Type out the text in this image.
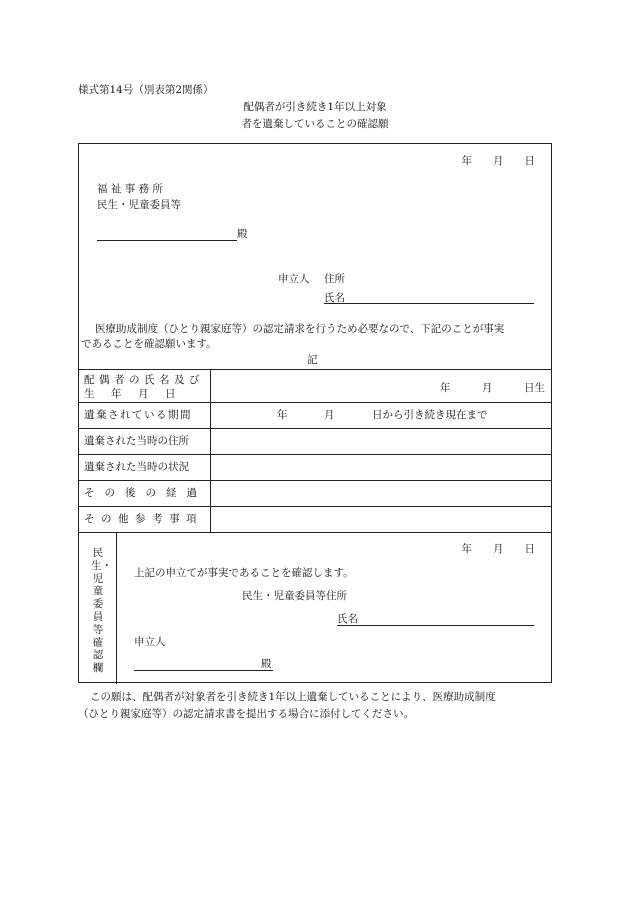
様式第14号（別表第2関係）
配偶者が引き続き1年以上対象
者を遺棄していることの確認願
年　　月　　日
福 祉 事 務 所
民生・児童委員等
殿
申立人 住所
氏名
医療助成制度（ひとり親家庭等）の認定請求を行うため必要なので、下記のことが事実
であることを確認願います。
記
配偶者の氏名及び
生　年　月　日	年　　　月　　　日生
遺棄されている期間	年	月	日から引き続き現在まで
遺棄された当時の住所
遺棄された当時の状況
その後の経過
その他参考事項
民生・児童委員等確認欄
年　　月　　日
上記の申立てが事実であることを確認します。
民生・児童委員等住所
氏名
申立人
殿
この願は、配偶者が対象者を引き続き1年以上遺棄していることにより、医療助成制度
（ひとり親家庭等）の認定請求書を提出する場合に添付してください。
